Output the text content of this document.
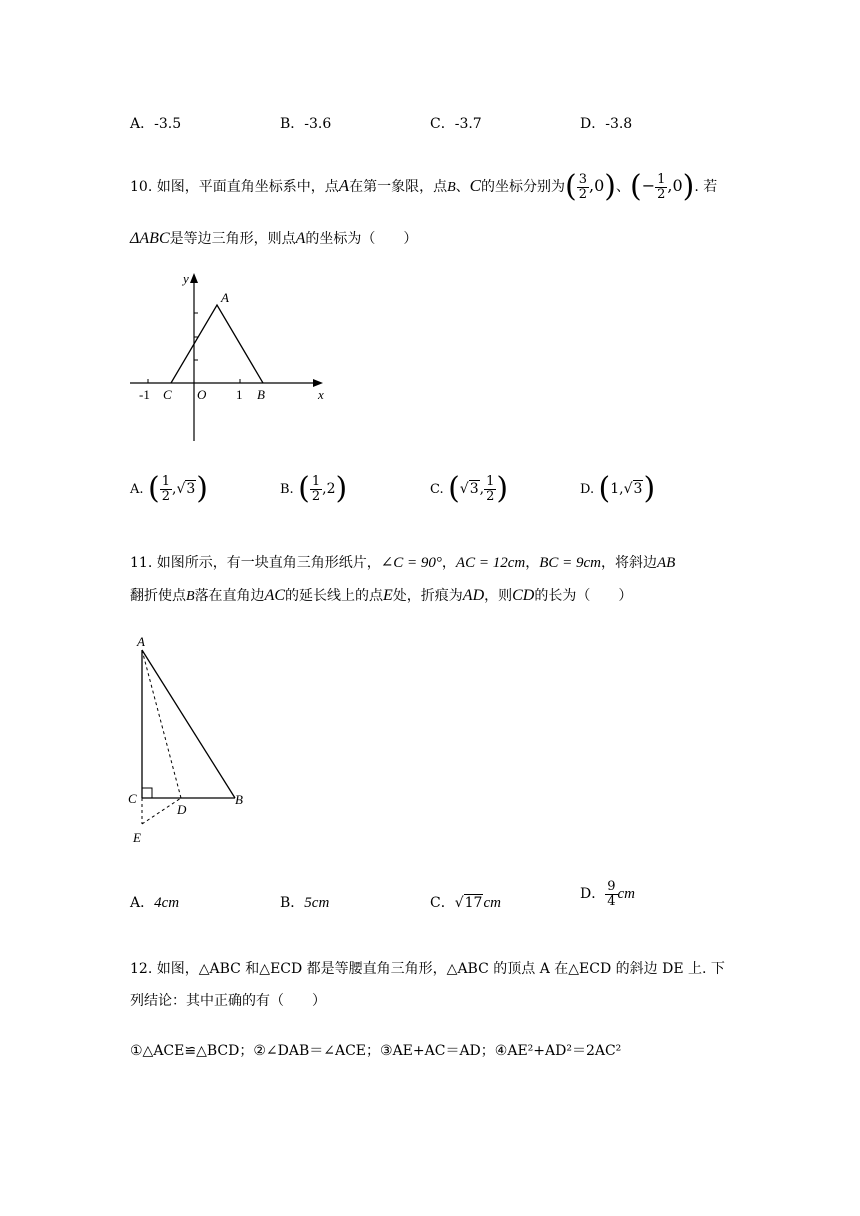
A．-3.5	B．-3.6	C．-3.7	D．-3.8
10. 如图，平面直角坐标系中，点A在第一象限，点B、C的坐标分别为( $\frac{3}{2} ,0$)、(− $\frac{1}{2} ,0$). 若
ΔABC是等边三角形，则点A的坐标为（　　）
y
x
A
O
C	B
-1	1
A. ( $\frac{1}{2} ,√3$)	B. ( $\frac{1}{2} ,2$)	C. (√3, $\frac{1}{2}$ )	D. (1,√3)
11. 如图所示，有一块直角三角形纸片，∠C = 90°，AC = 12cm，BC = 9cm，将斜边AB
翻折使点B落在直角边AC的延长线上的点E处，折痕为AD，则CD的长为（　　）
A
C
D
B
E
A．4cm	B．5cm	C．√17cm
D． $\frac{9}{4}$ cm
12. 如图，△ABC 和△ECD 都是等腰直角三角形，△ABC 的顶点 A 在△ECD 的斜边 DE 上. 下
列结论：其中正确的有（　　）
①△ACE≌△BCD；②∠DAB＝∠ACE；③AE+AC＝AD；④AE²+AD²＝2AC²
